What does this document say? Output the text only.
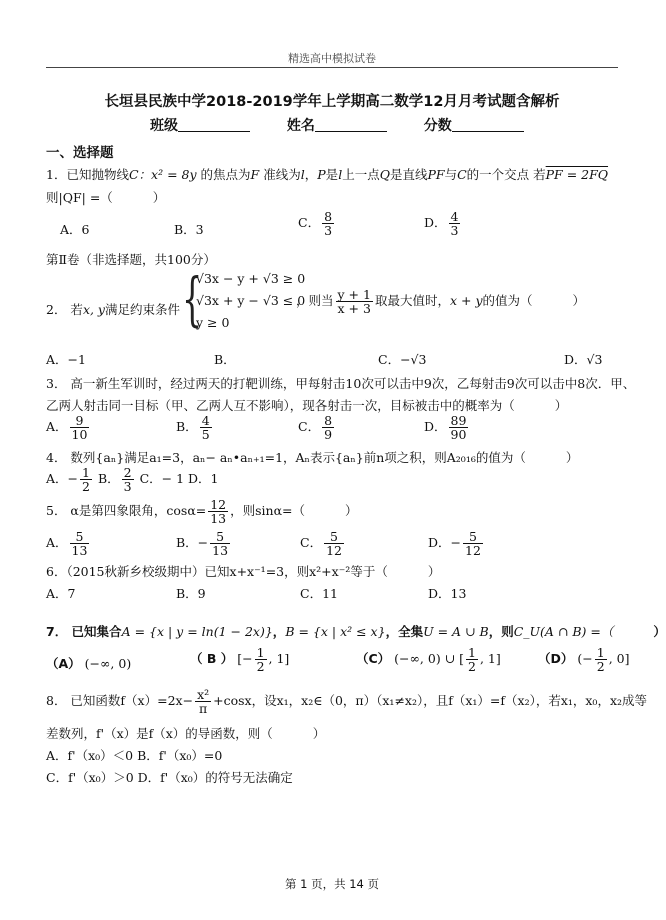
精选高中模拟试卷
长垣县民族中学2018-2019学年上学期高二数学12月月考试题含解析
班级	姓名	分数
一、选择题
1．已知抛物线C：x² = 8y 的焦点为F 准线为l，P是l上一点Q是直线PF与C的一个交点 若PF = 2FQ
则|QF| =（	）
A．6	B．3	C． $\frac{8}{3}$	D． $\frac{4}{3}$
第Ⅱ卷（非选择题，共100分）
2． 若x, y满足约束条件 {
√3x − y + √3 ≥ 0
√3x + y − √3 ≤ 0
y ≥ 0
，则当 $\frac{y + 1}{x + 3}$ 取最大值时，x + y的值为（	）
A．−1	B．	C．−√3	D．√3
3． 高一新生军训时，经过两天的打靶训练，甲每射击10次可以击中9次，乙每射击9次可以击中8次．甲、
乙两人射击同一目标（甲、乙两人互不影响），现各射击一次，目标被击中的概率为（	）
A． $\frac{9}{10}$	B． $\frac{4}{5}$	C． $\frac{8}{9}$	D． $\frac{89}{90}$
4． 数列{aₙ}满足a₁=3，aₙ− aₙ•aₙ₊₁=1，Aₙ表示{aₙ}前n项之积，则A₂₀₁₆的值为（	）
A．− $\frac{1}{2}$ B． $\frac{2}{3}$ C．− 1 D．1
5． α是第四象限角，$\cos\alpha= \frac{12}{13}$ ，则sinα=（	）
A． $\frac{5}{13}$	B．− $\frac{5}{13}$	C． $\frac{5}{12}$	D．− $\frac{5}{12}$
6．（2015秋新乡校级期中）已知x+x⁻¹=3，则x²+x⁻²等于（	）
A．7	B．9	C．11	D．13
7． 已知集合A = {x | y = ln(1 − 2x)}，B = {x | x² ≤ x}，全集U = A ∪ B，则C_U(A ∩ B) =（	）
（A） (−∞, 0)	（ B ） [− $\frac{1}{2}$ , 1]	（C） (−∞, 0) ∪ [ $\frac{1}{2}$ , 1]	（D） (− $\frac{1}{2}$ , 0]
8． 已知函数$f(x)=2x- \frac{\text{x²}}{\pi} +\cos x$，设x₁，x₂∈（0，π）（x₁≠x₂），且f（x₁）=f（x₂），若x₁，x₀，x₂成等
差数列，f'（x）是f（x）的导函数，则（	）
A．f'（x₀）＜0 B．f'（x₀）=0
C．f'（x₀）＞0 D．f'（x₀）的符号无法确定
第 1 页，共 14 页
